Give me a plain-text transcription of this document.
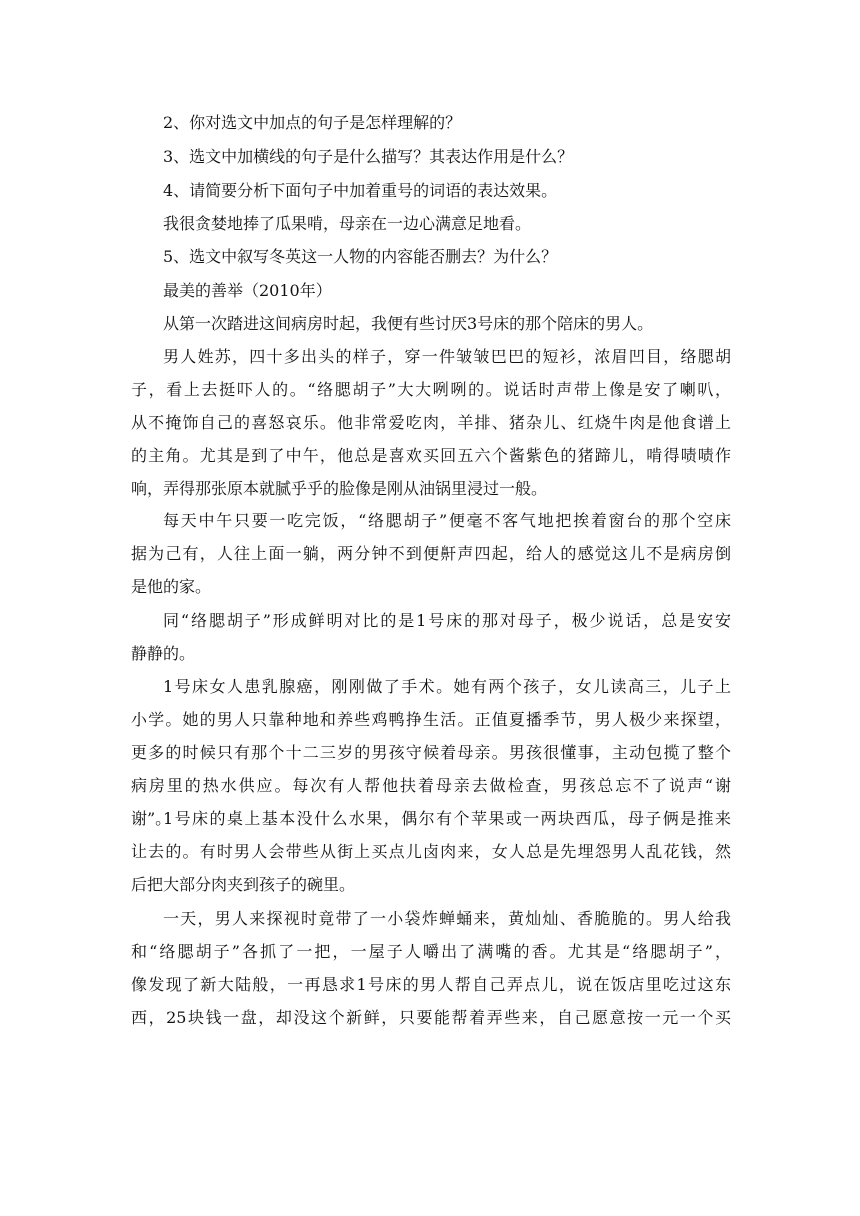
2、你对选文中加点的句子是怎样理解的？
3、选文中加横线的句子是什么描写？其表达作用是什么？
4、请简要分析下面句子中加着重号的词语的表达效果。
我很贪婪地捧了瓜果啃，母亲在一边心满意足地看。
5、选文中叙写冬英这一人物的内容能否删去？为什么？
最美的善举（2010年）
从第一次踏进这间病房时起，我便有些讨厌3号床的那个陪床的男人。
男人姓苏，四十多出头的样子，穿一件皱皱巴巴的短衫，浓眉凹目，络腮胡
子，看上去挺吓人的。“络腮胡子”大大咧咧的。说话时声带上像是安了喇叭，
从不掩饰自己的喜怒哀乐。他非常爱吃肉，羊排、猪杂儿、红烧牛肉是他食谱上
的主角。尤其是到了中午，他总是喜欢买回五六个酱紫色的猪蹄儿，啃得啧啧作
响，弄得那张原本就腻乎乎的脸像是刚从油锅里浸过一般。
每天中午只要一吃完饭，“络腮胡子”便毫不客气地把挨着窗台的那个空床
据为己有，人往上面一躺，两分钟不到便鼾声四起，给人的感觉这儿不是病房倒
是他的家。
同“络腮胡子”形成鲜明对比的是1号床的那对母子，极少说话，总是安安
静静的。
1号床女人患乳腺癌，刚刚做了手术。她有两个孩子，女儿读高三，儿子上
小学。她的男人只靠种地和养些鸡鸭挣生活。正值夏播季节，男人极少来探望，
更多的时候只有那个十二三岁的男孩守候着母亲。男孩很懂事，主动包揽了整个
病房里的热水供应。每次有人帮他扶着母亲去做检查，男孩总忘不了说声“谢
谢”。
1号床的桌上基本没什么水果，偶尔有个苹果或一两块西瓜，母子俩是推来
让去的。有时男人会带些从街上买点儿卤肉来，女人总是先埋怨男人乱花钱，然
后把大部分肉夹到孩子的碗里。
一天，男人来探视时竟带了一小袋炸蝉蛹来，黄灿灿、香脆脆的。男人给我
和“络腮胡子”各抓了一把，一屋子人嚼出了满嘴的香。尤其是“络腮胡子”，
像发现了新大陆般，一再恳求1号床的男人帮自己弄点儿，说在饭店里吃过这东
西，25块钱一盘，却没这个新鲜，只要能帮着弄些来，自己愿意按一元一个买
